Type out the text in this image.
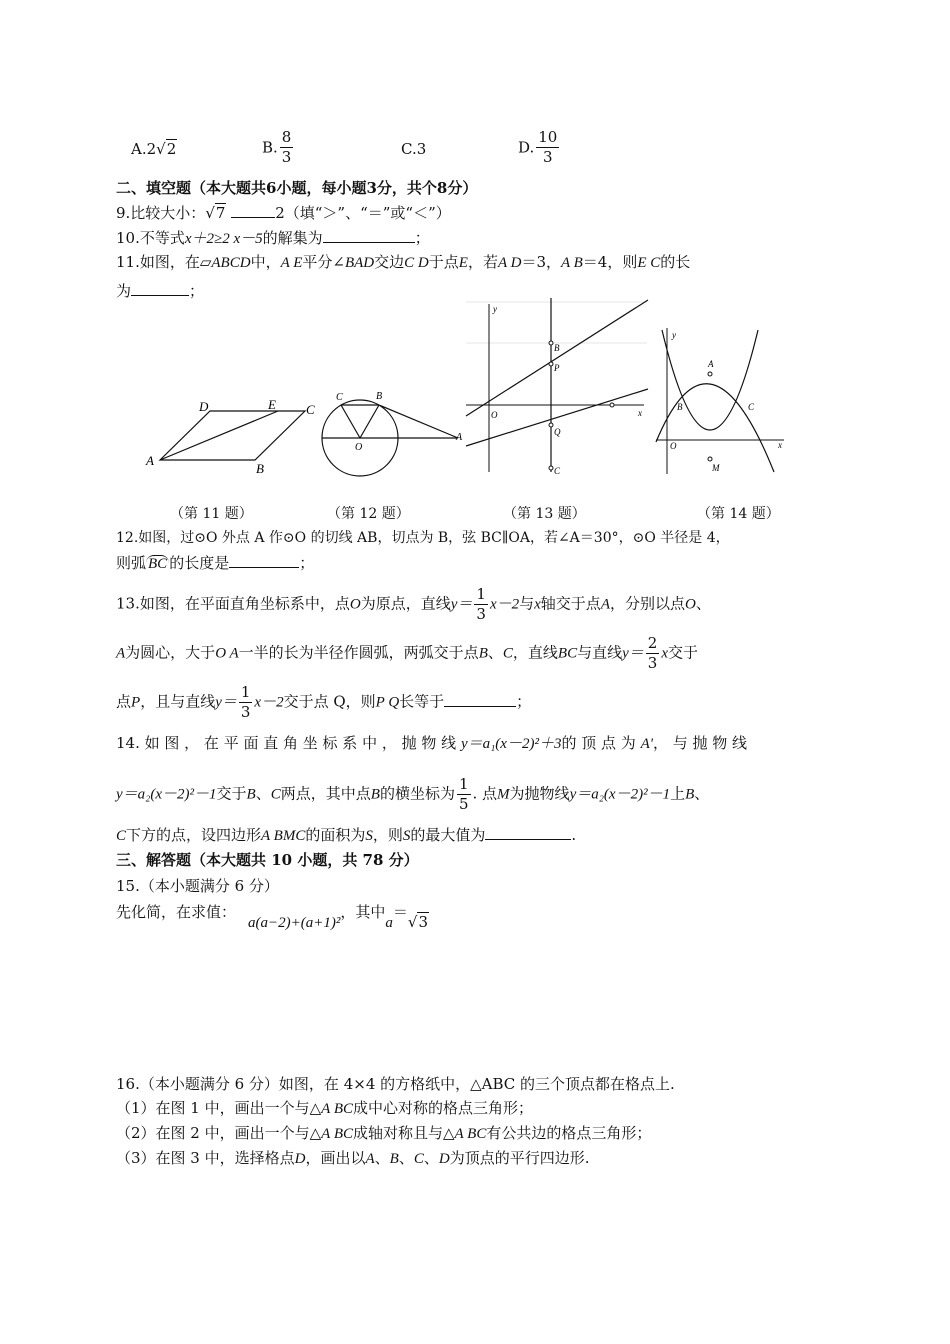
A.2√2	B. $\frac{8}{3}$	C.3	D. $\frac{10}{3}$
二、填空题（本大题共6小题，每小题3分，共个8分）
9.比较大小：√7	2（填“＞”、“＝”或“＜”）
10.不等式x＋2≥2 x－5的解集为	；
11.如图，在▱ABCD中，A E平分∠BAD交边C D于点E，若A D＝3，A B＝4，则E C的长
为	；
A
B
C
D	E	C	B
O
A
y
x
O
B
P
Q
C
y
x
O
A
B	C
M
（第 11 题）	（第 12 题）	（第 13 题）	（第 14 题）
12.如图，过⊙O 外点 A 作⊙O 的切线 AB，切点为 B，弦 BC∥OA，若∠A＝30°，⊙O 半径是 4，
则弧 BC 的长度是	；
13.如图，在平面直角坐标系中，点O为原点，直线$y= \frac{1}{3} x-2$与x轴交于点A，分别以点O、
A为圆心，大于O A一半的长为半径作圆弧，两弧交于点B、C，直线BC与直线$y= \frac{2}{3}$ x交于
点P，且与直线$y= \frac{1}{3} x-2$交于点 Q，则P Q长等于	；
14. 如 图 ， 在 平 面 直 角 坐 标 系 中 ， 抛 物 线 y＝a₁(x－2)²＋3的 顶 点 为 A'， 与 抛 物 线
y＝a₂(x－2)²－1交于B、C两点，其中点B的横坐标为 $\frac{1}{5}$ . 点M为抛物线y＝a₂(x－2)²－1上B、
C下方的点，设四边形A BMC的面积为S，则S的最大值为	.
三、解答题（本大题共 10 小题，共 78 分）
15.（本小题满分 6 分）
先化简，在求值：
a(a−2)+(a+1)²，其中a＝√3
16.（本小题满分 6 分）如图，在 4×4 的方格纸中，△ABC 的三个顶点都在格点上.
（1）在图 1 中，画出一个与△A BC成中心对称的格点三角形；
（2）在图 2 中，画出一个与△A BC成轴对称且与△A BC有公共边的格点三角形；
（3）在图 3 中，选择格点D，画出以A、B、C、D为顶点的平行四边形.
